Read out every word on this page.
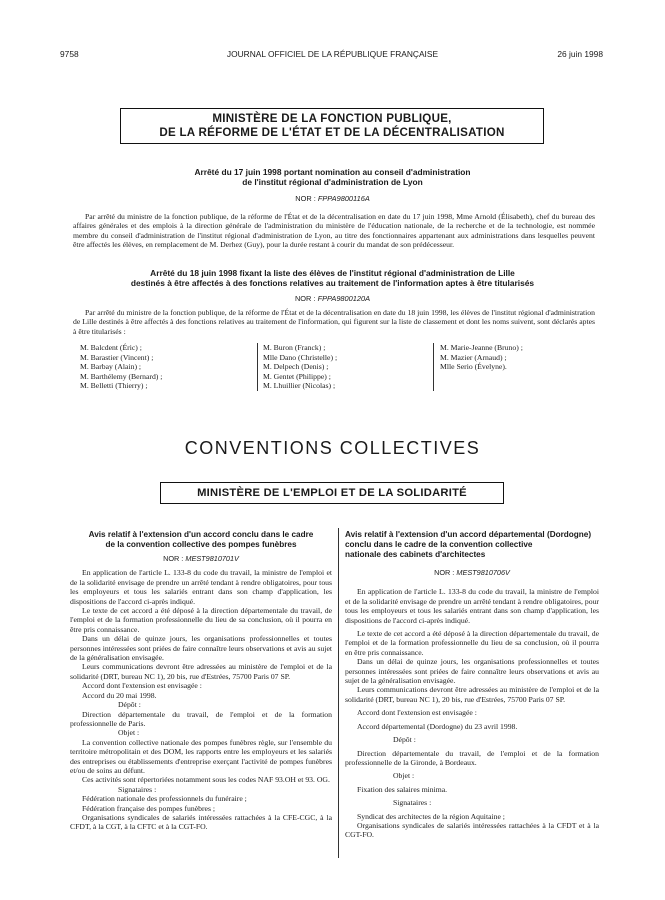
9758	JOURNAL OFFICIEL DE LA RÉPUBLIQUE FRANÇAISE	26 juin 1998
MINISTÈRE DE LA FONCTION PUBLIQUE,
DE LA RÉFORME DE L'ÉTAT ET DE LA DÉCENTRALISATION
Arrêté du 17 juin 1998 portant nomination au conseil d'administration
de l'institut régional d'administration de Lyon
NOR : FPPA9800116A

Par arrêté du ministre de la fonction publique, de la réforme de l'État et de la décentralisation en date du 17 juin 1998, Mme Arnold (Élisabeth), chef du bureau des affaires générales et des emplois à la direction générale de l'administration du ministère de l'éducation nationale, de la recherche et de la technologie, est nommée membre du conseil d'administration de l'institut régional d'administration de Lyon, au titre des fonctionnaires appartenant aux administrations dans lesquelles peuvent être affectés les élèves, en remplacement de M. Derhez (Guy), pour la durée restant à courir du mandat de son prédécesseur.

Arrêté du 18 juin 1998 fixant la liste des élèves de l'institut régional d'administration de Lille
destinés à être affectés à des fonctions relatives au traitement de l'information aptes à être titularisés
NOR : FPPA9800120A

Par arrêté du ministre de la fonction publique, de la réforme de l'État et de la décentralisation en date du 18 juin 1998, les élèves de l'institut régional d'administration de Lille destinés à être affectés à des fonctions relatives au traitement de l'information, qui figurent sur la liste de classement et dont les noms suivent, sont déclarés aptes à être titularisés :

M. Balcdent (Éric) ;
M. Barastier (Vincent) ;
M. Barbay (Alain) ;
M. Barthélemy (Bernard) ;
M. Belletti (Thierry) ;
M. Buron (Franck) ;
Mlle Dano (Christelle) ;
M. Delpech (Denis) ;
M. Gentet (Philippe) ;
M. Lhuillier (Nicolas) ;
M. Marie-Jeanne (Bruno) ;
M. Mazier (Arnaud) ;
Mlle Serio (Évelyne).
CONVENTIONS COLLECTIVES
MINISTÈRE DE L'EMPLOI ET DE LA SOLIDARITÉ
Avis relatif à l'extension d'un accord conclu dans le cadre
de la convention collective des pompes funèbres
NOR : MEST9810701V

En application de l'article L. 133-8 du code du travail, la ministre de l'emploi et de la solidarité envisage de prendre un arrêté tendant à rendre obligatoires, pour tous les employeurs et tous les salariés entrant dans son champ d'application, les dispositions de l'accord ci-après indiqué.

Le texte de cet accord a été déposé à la direction départementale du travail, de l'emploi et de la formation professionnelle du lieu de sa conclusion, où il pourra en être pris connaissance.

Dans un délai de quinze jours, les organisations professionnelles et toutes personnes intéressées sont priées de faire connaître leurs observations et avis au sujet de la généralisation envisagée.

Leurs communications devront être adressées au ministère de l'emploi et de la solidarité (DRT, bureau NC 1), 20 bis, rue d'Estrées, 75700 Paris 07 SP.

Accord dont l'extension est envisagée :

Accord du 20 mai 1998.

Dépôt :

Direction départementale du travail, de l'emploi et de la formation professionnelle de Paris.

Objet :

La convention collective nationale des pompes funèbres règle, sur l'ensemble du territoire métropolitain et des DOM, les rapports entre les employeurs et les salariés des entreprises ou établissements d'entreprise exerçant l'activité de pompes funèbres et/ou de soins au défunt.

Ces activités sont répertoriées notamment sous les codes NAF 93.OH et 93. OG.

Signataires :

Fédération nationale des professionnels du funéraire ;

Fédération française des pompes funèbres ;

Organisations syndicales de salariés intéressées rattachées à la CFE-CGC, à la CFDT, à la CGT, à la CFTC et à la CGT-FO.

Avis relatif à l'extension d'un accord départemental (Dordogne) conclu dans le cadre de la convention collective
nationale des cabinets d'architectes
NOR : MEST9810706V

En application de l'article L. 133-8 du code du travail, la ministre de l'emploi et de la solidarité envisage de prendre un arrêté tendant à rendre obligatoires, pour tous les employeurs et tous les salariés entrant dans son champ d'application, les dispositions de l'accord ci-après indiqué.

Le texte de cet accord a été déposé à la direction départementale du travail, de l'emploi et de la formation professionnelle du lieu de sa conclusion, où il pourra en être pris connaissance.

Dans un délai de quinze jours, les organisations professionnelles et toutes personnes intéressées sont priées de faire connaître leurs observations et avis au sujet de la généralisation envisagée.

Leurs communications devront être adressées au ministère de l'emploi et de la solidarité (DRT, bureau NC 1), 20 bis, rue d'Estrées, 75700 Paris 07 SP.

Accord dont l'extension est envisagée :

Accord départemental (Dordogne) du 23 avril 1998.

Dépôt :

Direction départementale du travail, de l'emploi et de la formation professionnelle de la Gironde, à Bordeaux.

Objet :

Fixation des salaires minima.

Signataires :

Syndicat des architectes de la région Aquitaine ;

Organisations syndicales de salariés intéressées rattachées à la CFDT et à la CGT-FO.
